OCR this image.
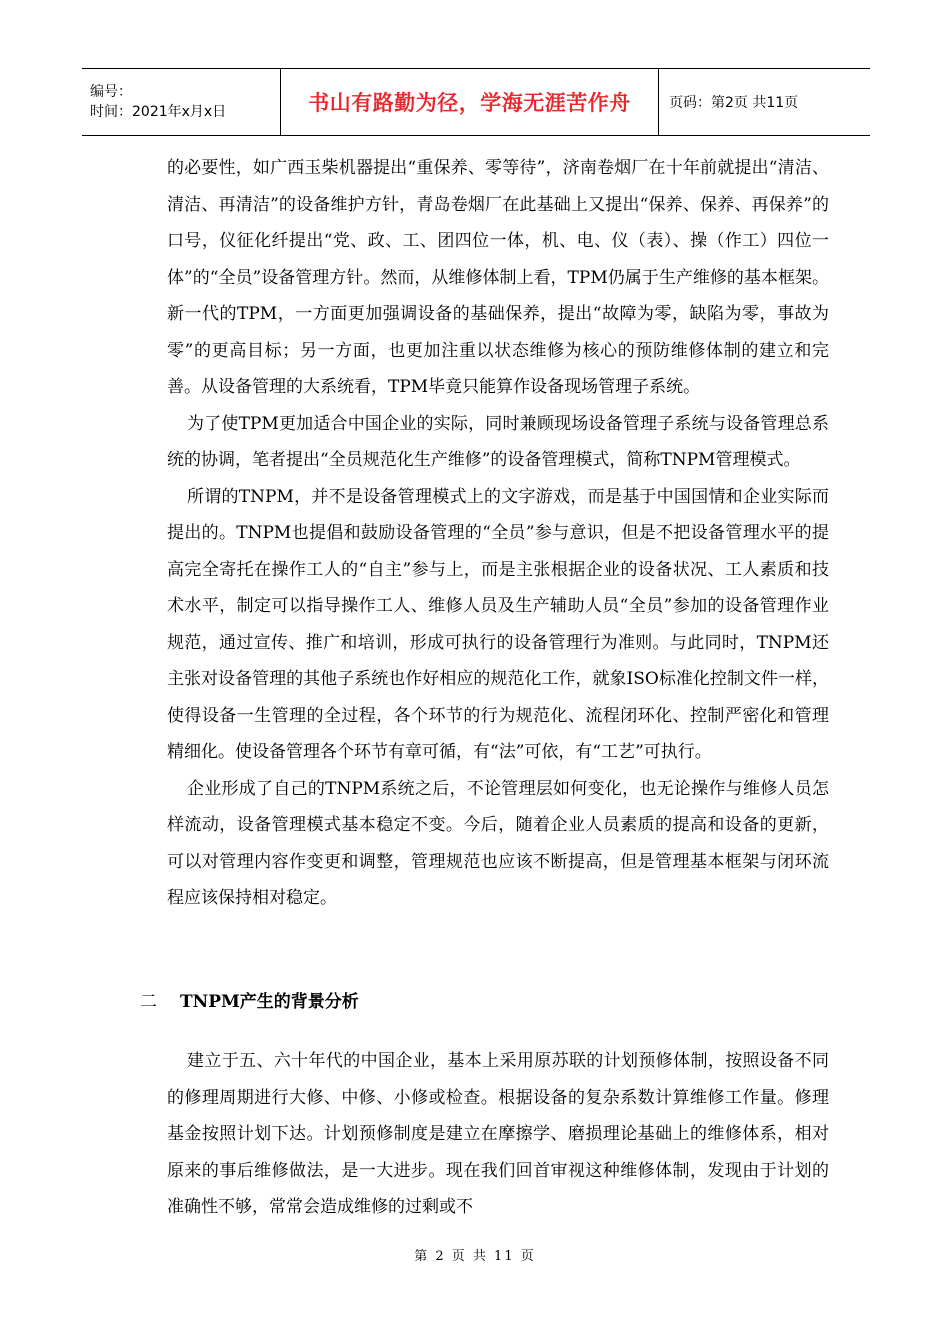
编号：
时间：2021年x月x日	书山有路勤为径，学海无涯苦作舟	页码：第2页 共11页

的必要性，如广西玉柴机器提出“重保养、零等待”，济南卷烟厂在十年前就提出“清洁、清洁、再清洁”的设备维护方针，青岛卷烟厂在此基础上又提出“保养、保养、再保养”的口号，仪征化纤提出“党、政、工、团四位一体，机、电、仪（表）、操（作工）四位一体”的“全员”设备管理方针。然而，从维修体制上看，TPM仍属于生产维修的基本框架。新一代的TPM，一方面更加强调设备的基础保养，提出“故障为零，缺陷为零，事故为零”的更高目标；另一方面，也更加注重以状态维修为核心的预防维修体制的建立和完善。从设备管理的大系统看，TPM毕竟只能算作设备现场管理子系统。

为了使TPM更加适合中国企业的实际，同时兼顾现场设备管理子系统与设备管理总系统的协调，笔者提出“全员规范化生产维修”的设备管理模式，简称TNPM管理模式。

所谓的TNPM，并不是设备管理模式上的文字游戏，而是基于中国国情和企业实际而提出的。TNPM也提倡和鼓励设备管理的“全员”参与意识，但是不把设备管理水平的提高完全寄托在操作工人的“自主”参与上，而是主张根据企业的设备状况、工人素质和技术水平，制定可以指导操作工人、维修人员及生产辅助人员“全员”参加的设备管理作业规范，通过宣传、推广和培训，形成可执行的设备管理行为准则。与此同时，TNPM还主张对设备管理的其他子系统也作好相应的规范化工作，就象ISO标准化控制文件一样，使得设备一生管理的全过程，各个环节的行为规范化、流程闭环化、控制严密化和管理精细化。使设备管理各个环节有章可循，有“法”可依，有“工艺”可执行。

企业形成了自己的TNPM系统之后，不论管理层如何变化，也无论操作与维修人员怎样流动，设备管理模式基本稳定不变。今后，随着企业人员素质的提高和设备的更新，可以对管理内容作变更和调整，管理规范也应该不断提高，但是管理基本框架与闭环流程应该保持相对稳定。

二	TNPM产生的背景分析

建立于五、六十年代的中国企业，基本上采用原苏联的计划预修体制，按照设备不同的修理周期进行大修、中修、小修或检查。根据设备的复杂系数计算维修工作量。修理基金按照计划下达。计划预修制度是建立在摩擦学、磨损理论基础上的维修体系，相对原来的事后维修做法，是一大进步。现在我们回首审视这种维修体制，发现由于计划的准确性不够，常常会造成维修的过剩或不

第 2 页 共 11 页
